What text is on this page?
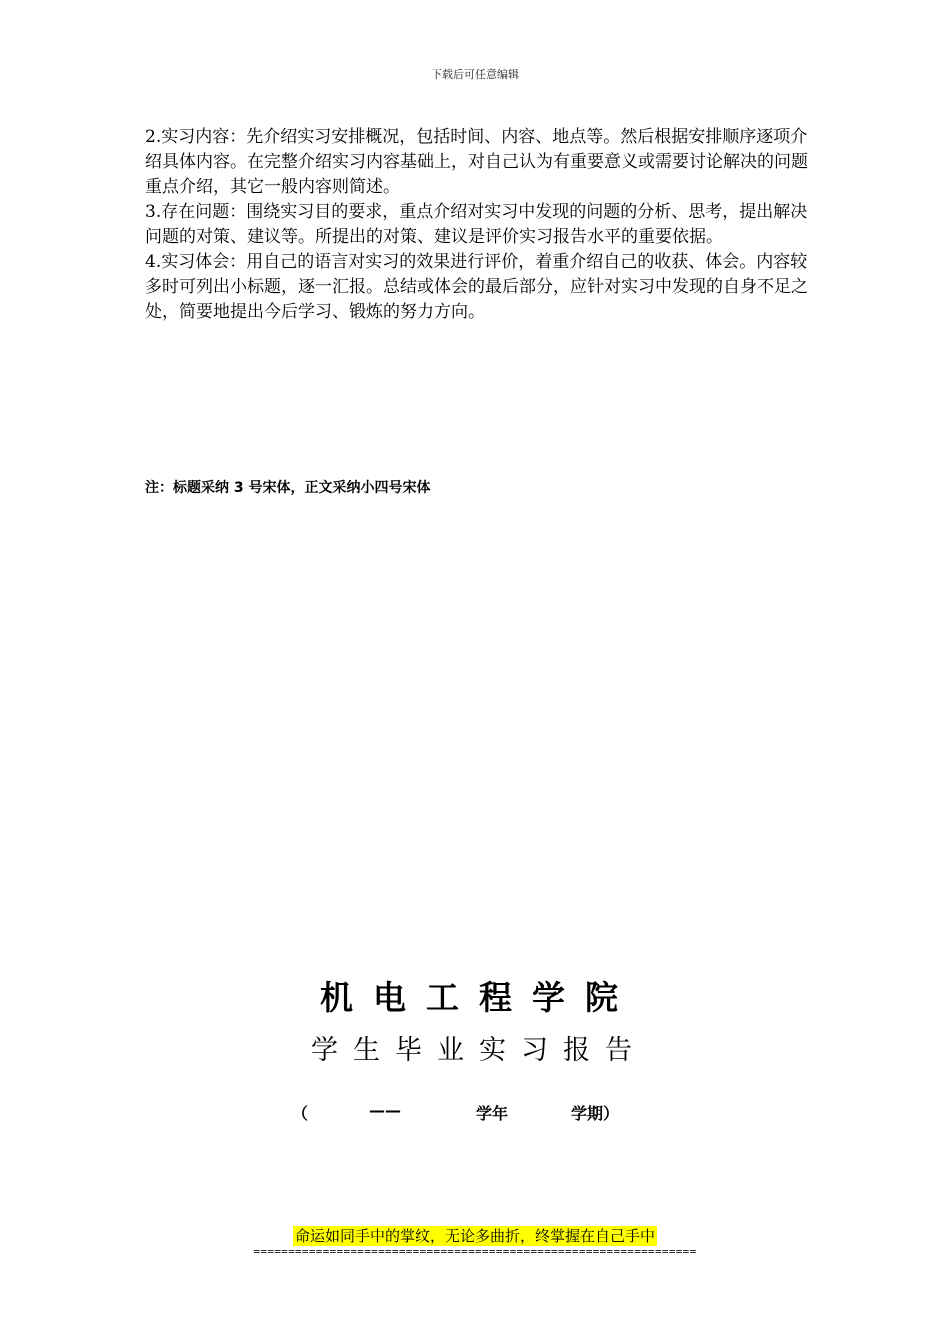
下载后可任意编辑

2.实习内容：先介绍实习安排概况，包括时间、内容、地点等。然后根据安排顺序逐项介绍具体内容。在完整介绍实习内容基础上，对自己认为有重要意义或需要讨论解决的问题重点介绍，其它一般内容则简述。

3.存在问题：围绕实习目的要求，重点介绍对实习中发现的问题的分析、思考，提出解决问题的对策、建议等。所提出的对策、建议是评价实习报告水平的重要依据。

4.实习体会：用自己的语言对实习的效果进行评价，着重介绍自己的收获、体会。内容较多时可列出小标题，逐一汇报。总结或体会的最后部分，应针对实习中发现的自身不足之处，简要地提出今后学习、锻炼的努力方向。

注：标题采纳 3 号宋体，正文采纳小四号宋体
机电工程学院
学生毕业实习报告
（	——	学年	学期）
命运如同手中的掌纹，无论多曲折，终掌握在自己手中
================================================================
